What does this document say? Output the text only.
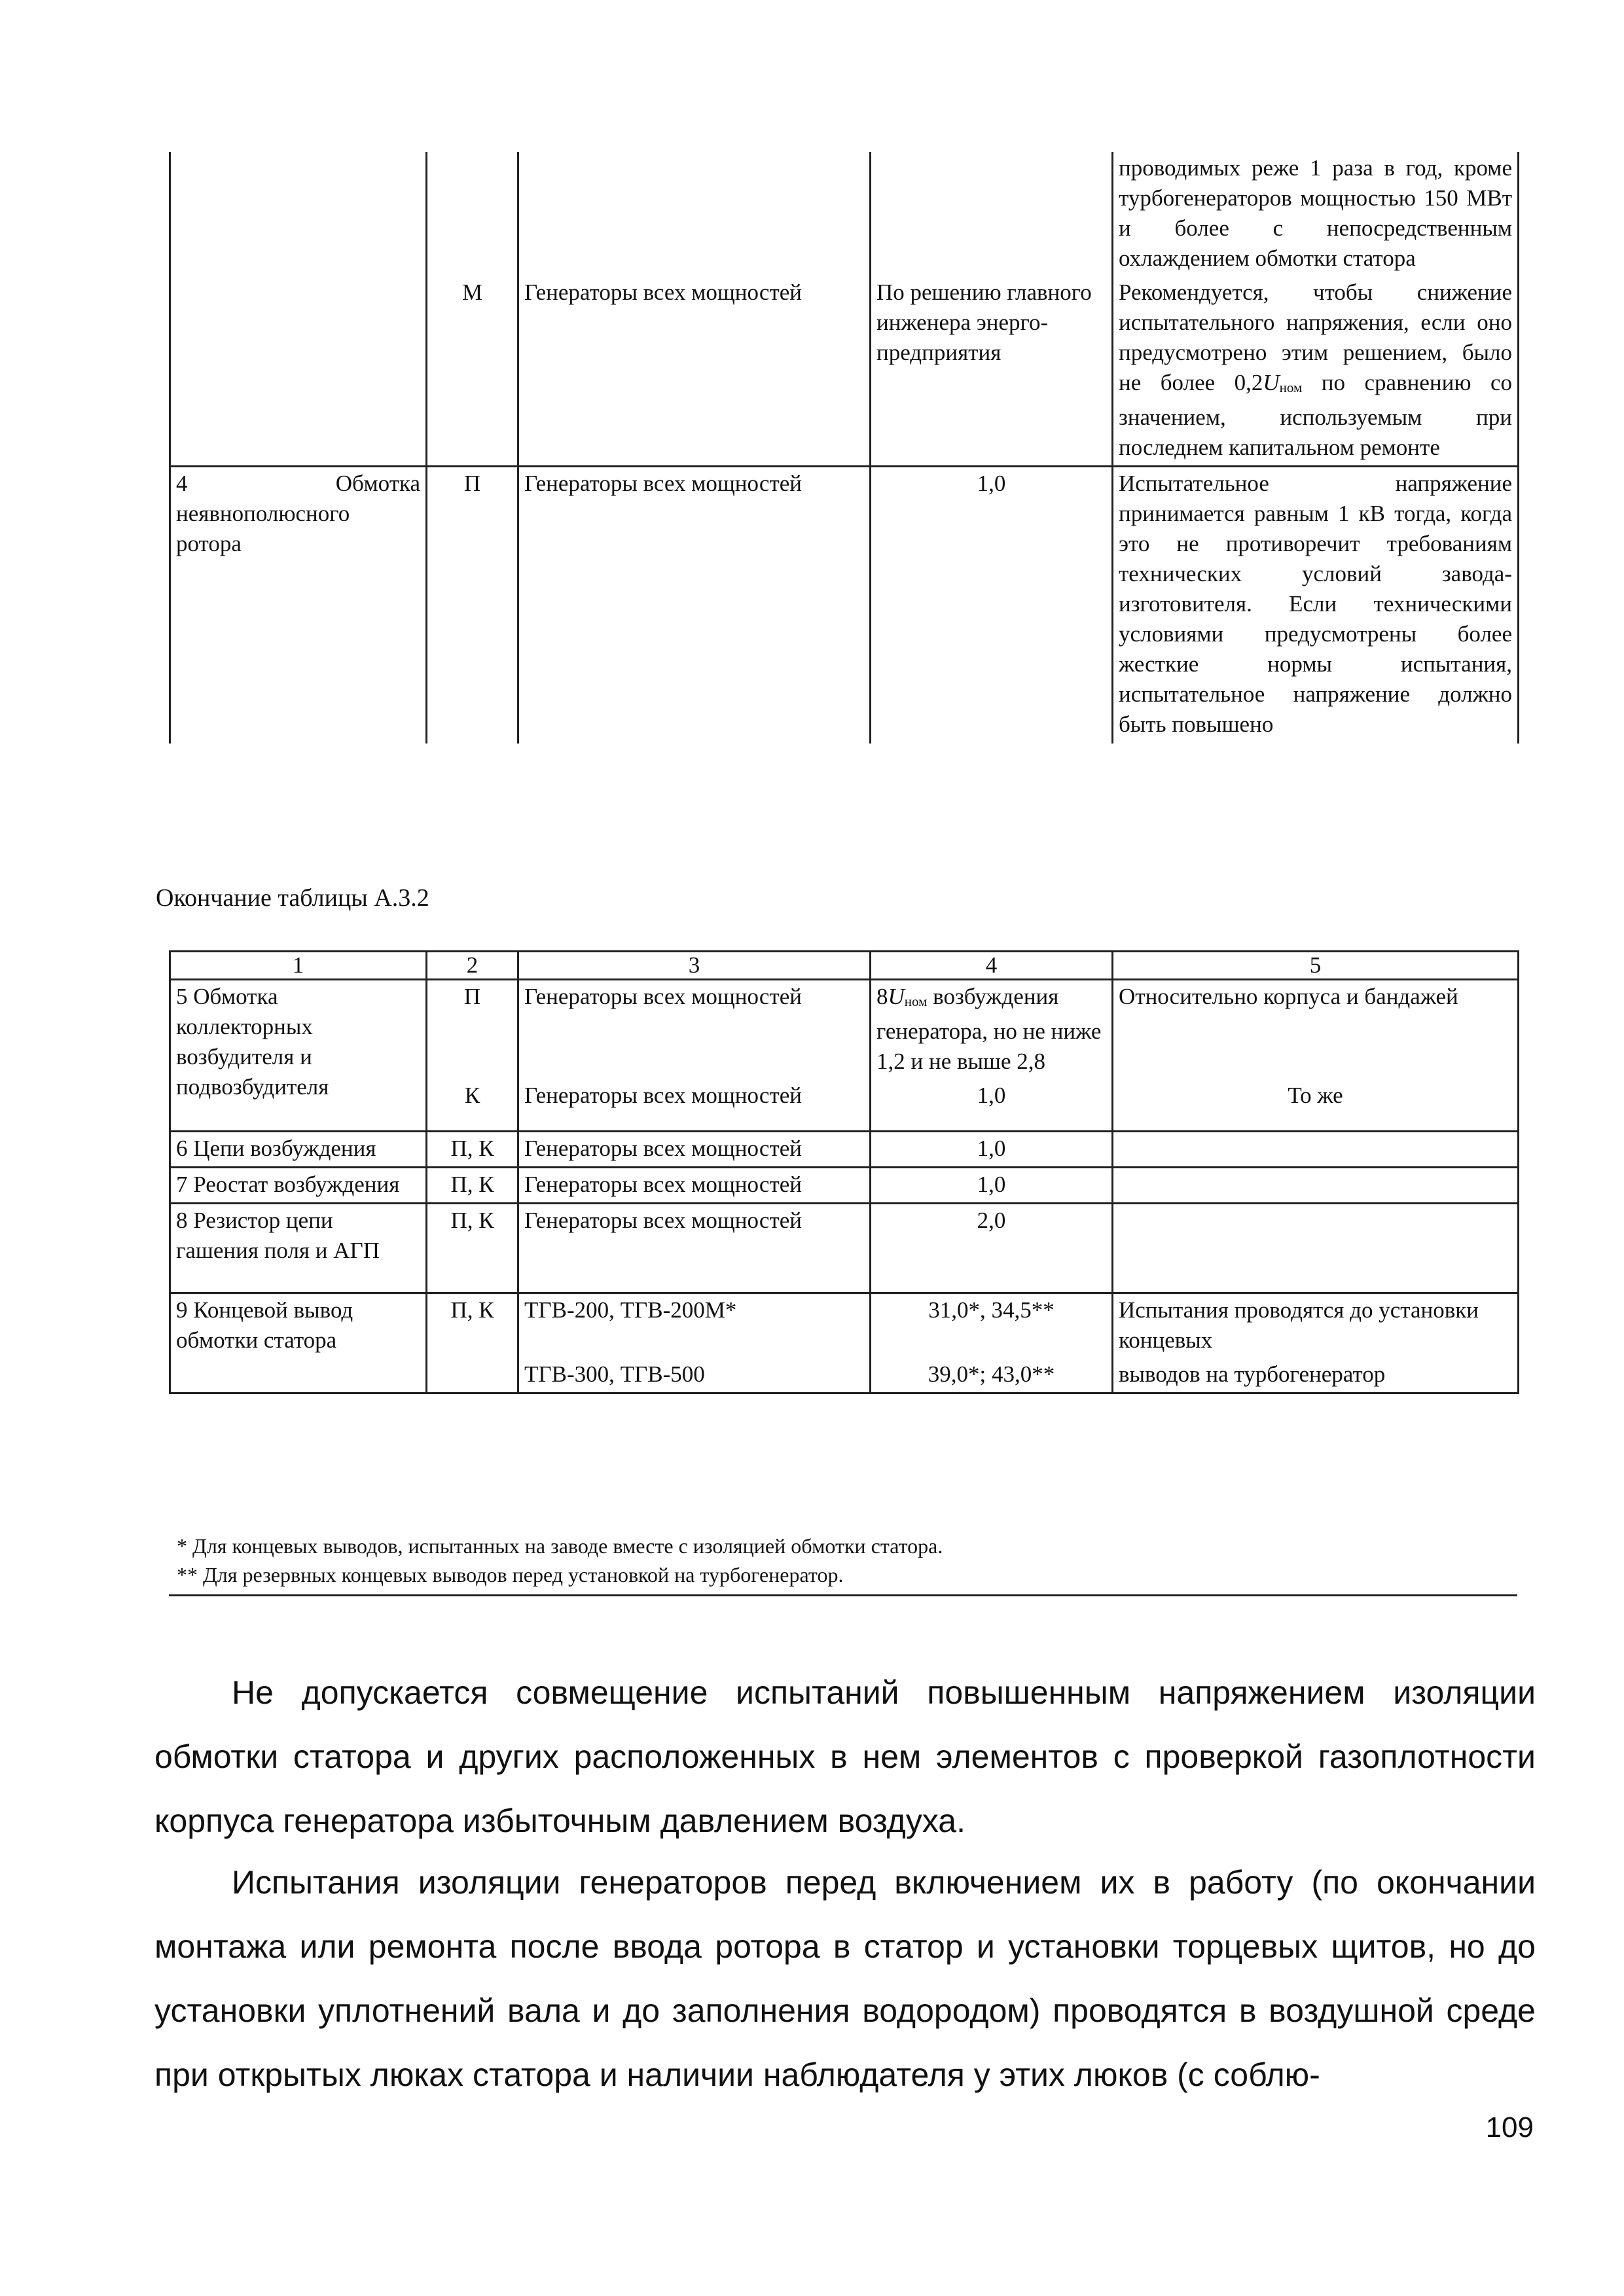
				проводимых реже 1 раза в год, кроме турбогенераторов мощностью 150 МВт и более с непосредственным охлаждением обмотки статора
	М	Генераторы всех мощностей	По решению главного инженера энерго-предприятия	Рекомендуется, чтобы снижение испытательного напряжения, если оно предусмотрено этим решением, было не более $0,2U_{ном}$ по сравнению со значением, используемым при последнем капитальном ремонте
4 Обмотка неявнополюсного ротора	П	Генераторы всех мощностей	1,0	Испытательное напряжение принимается равным 1 кВ тогда, когда это не противоречит требованиям технических условий завода-изготовителя. Если техническими условиями предусмотрены более жесткие нормы испытания, испытательное напряжение должно быть повышено
Окончание таблицы А.3.2
1	2	3	4	5
5 Обмотка коллекторных возбудителя и подвозбудителя	П	Генераторы всех мощностей	$8U_{ном}$ возбуждения генератора, но не ниже 1,2 и не выше 2,8	Относительно корпуса и бандажей
	К	Генераторы всех мощностей	1,0	То же
6 Цепи возбуждения	П, К	Генераторы всех мощностей	1,0	
7 Реостат возбуждения	П, К	Генераторы всех мощностей	1,0	
8 Резистор цепи гашения поля и АГП	П, К	Генераторы всех мощностей	2,0	
9 Концевой вывод обмотки статора	П, К	ТГВ-200, ТГВ-200М*	31,0*, 34,5**	Испытания проводятся до установки концевых
		ТГВ-300, ТГВ-500	39,0*; 43,0**	выводов на турбогенератор
* Для концевых выводов, испытанных на заводе вместе с изоляцией обмотки статора.
** Для резервных концевых выводов перед установкой на турбогенератор.

Не допускается совмещение испытаний повышенным напряжением изоляции обмотки статора и других расположенных в нем элементов с проверкой газоплотности корпуса генератора избыточным давлением воздуха.

Испытания изоляции генераторов перед включением их в работу (по окончании монтажа или ремонта после ввода ротора в статор и установки торцевых щитов, но до установки уплотнений вала и до заполнения водородом) проводятся в воздушной среде при открытых люках статора и наличии наблюдателя у этих люков (с соблю-

109
